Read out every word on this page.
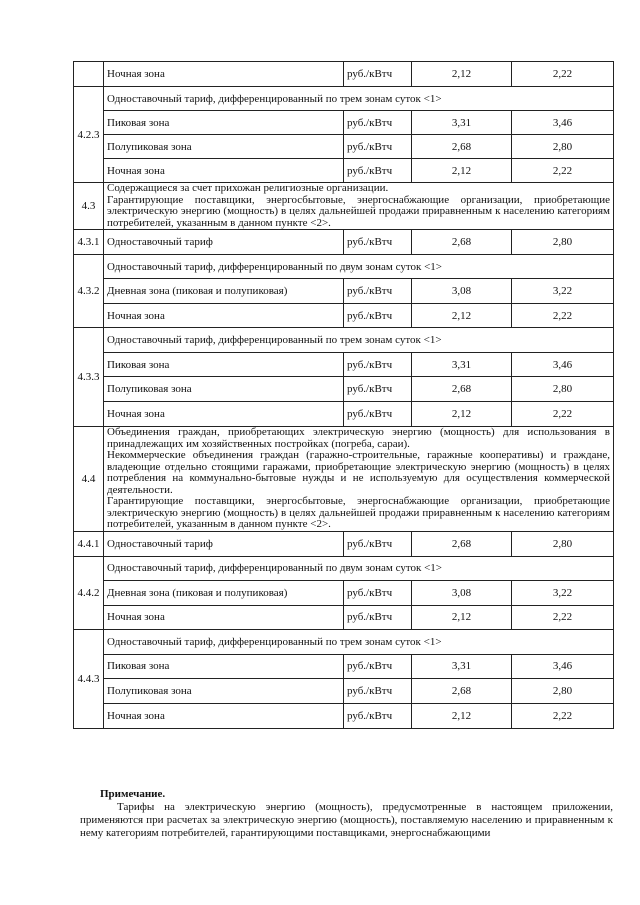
	Ночная зона	руб./кВтч	2,12	2,22
4.2.3	Одноставочный тариф, дифференцированный по трем зонам суток <1>			
	Пиковая зона	руб./кВтч	3,31	3,46
	Полупиковая зона	руб./кВтч	2,68	2,80
	Ночная зона	руб./кВтч	2,12	2,22
4.3	Содержащиеся за счет прихожан религиозные организации.

Гарантирующие поставщики, энергосбытовые, энергоснабжающие организации, приобретающие электрическую энергию (мощность) в целях дальнейшей продажи приравненным к населению категориям потребителей, указанным в данном пункте <2>.			

4.3.1	Одноставочный тариф	руб./кВтч	2,68	2,80
4.3.2	Одноставочный тариф, дифференцированный по двум зонам суток <1>			
	Дневная зона (пиковая и полупиковая)	руб./кВтч	3,08	3,22
	Ночная зона	руб./кВтч	2,12	2,22
4.3.3	Одноставочный тариф, дифференцированный по трем зонам суток <1>			
	Пиковая зона	руб./кВтч	3,31	3,46
	Полупиковая зона	руб./кВтч	2,68	2,80
	Ночная зона	руб./кВтч	2,12	2,22
4.4	Объединения граждан, приобретающих электрическую энергию (мощность) для использования в принадлежащих им хозяйственных постройках (погреба, сараи).

Некоммерческие объединения граждан (гаражно-строительные, гаражные кооперативы) и граждане, владеющие отдельно стоящими гаражами, приобретающие электрическую энергию (мощность) в целях потребления на коммунально-бытовые нужды и не используемую для осуществления коммерческой деятельности.

Гарантирующие поставщики, энергосбытовые, энергоснабжающие организации, приобретающие электрическую энергию (мощность) в целях дальнейшей продажи приравненным к населению категориям потребителей, указанным в данном пункте <2>.			

4.4.1	Одноставочный тариф	руб./кВтч	2,68	2,80
4.4.2	Одноставочный тариф, дифференцированный по двум зонам суток <1>			
	Дневная зона (пиковая и полупиковая)	руб./кВтч	3,08	3,22
	Ночная зона	руб./кВтч	2,12	2,22
4.4.3	Одноставочный тариф, дифференцированный по трем зонам суток <1>			
	Пиковая зона	руб./кВтч	3,31	3,46
	Полупиковая зона	руб./кВтч	2,68	2,80
	Ночная зона	руб./кВтч	2,12	2,22

Примечание.

Тарифы на электрическую энергию (мощность), предусмотренные в настоящем приложении, применяются при расчетах за электрическую энергию (мощность), поставляемую населению и приравненным к нему категориям потребителей, гарантирующими поставщиками, энергоснабжающими
